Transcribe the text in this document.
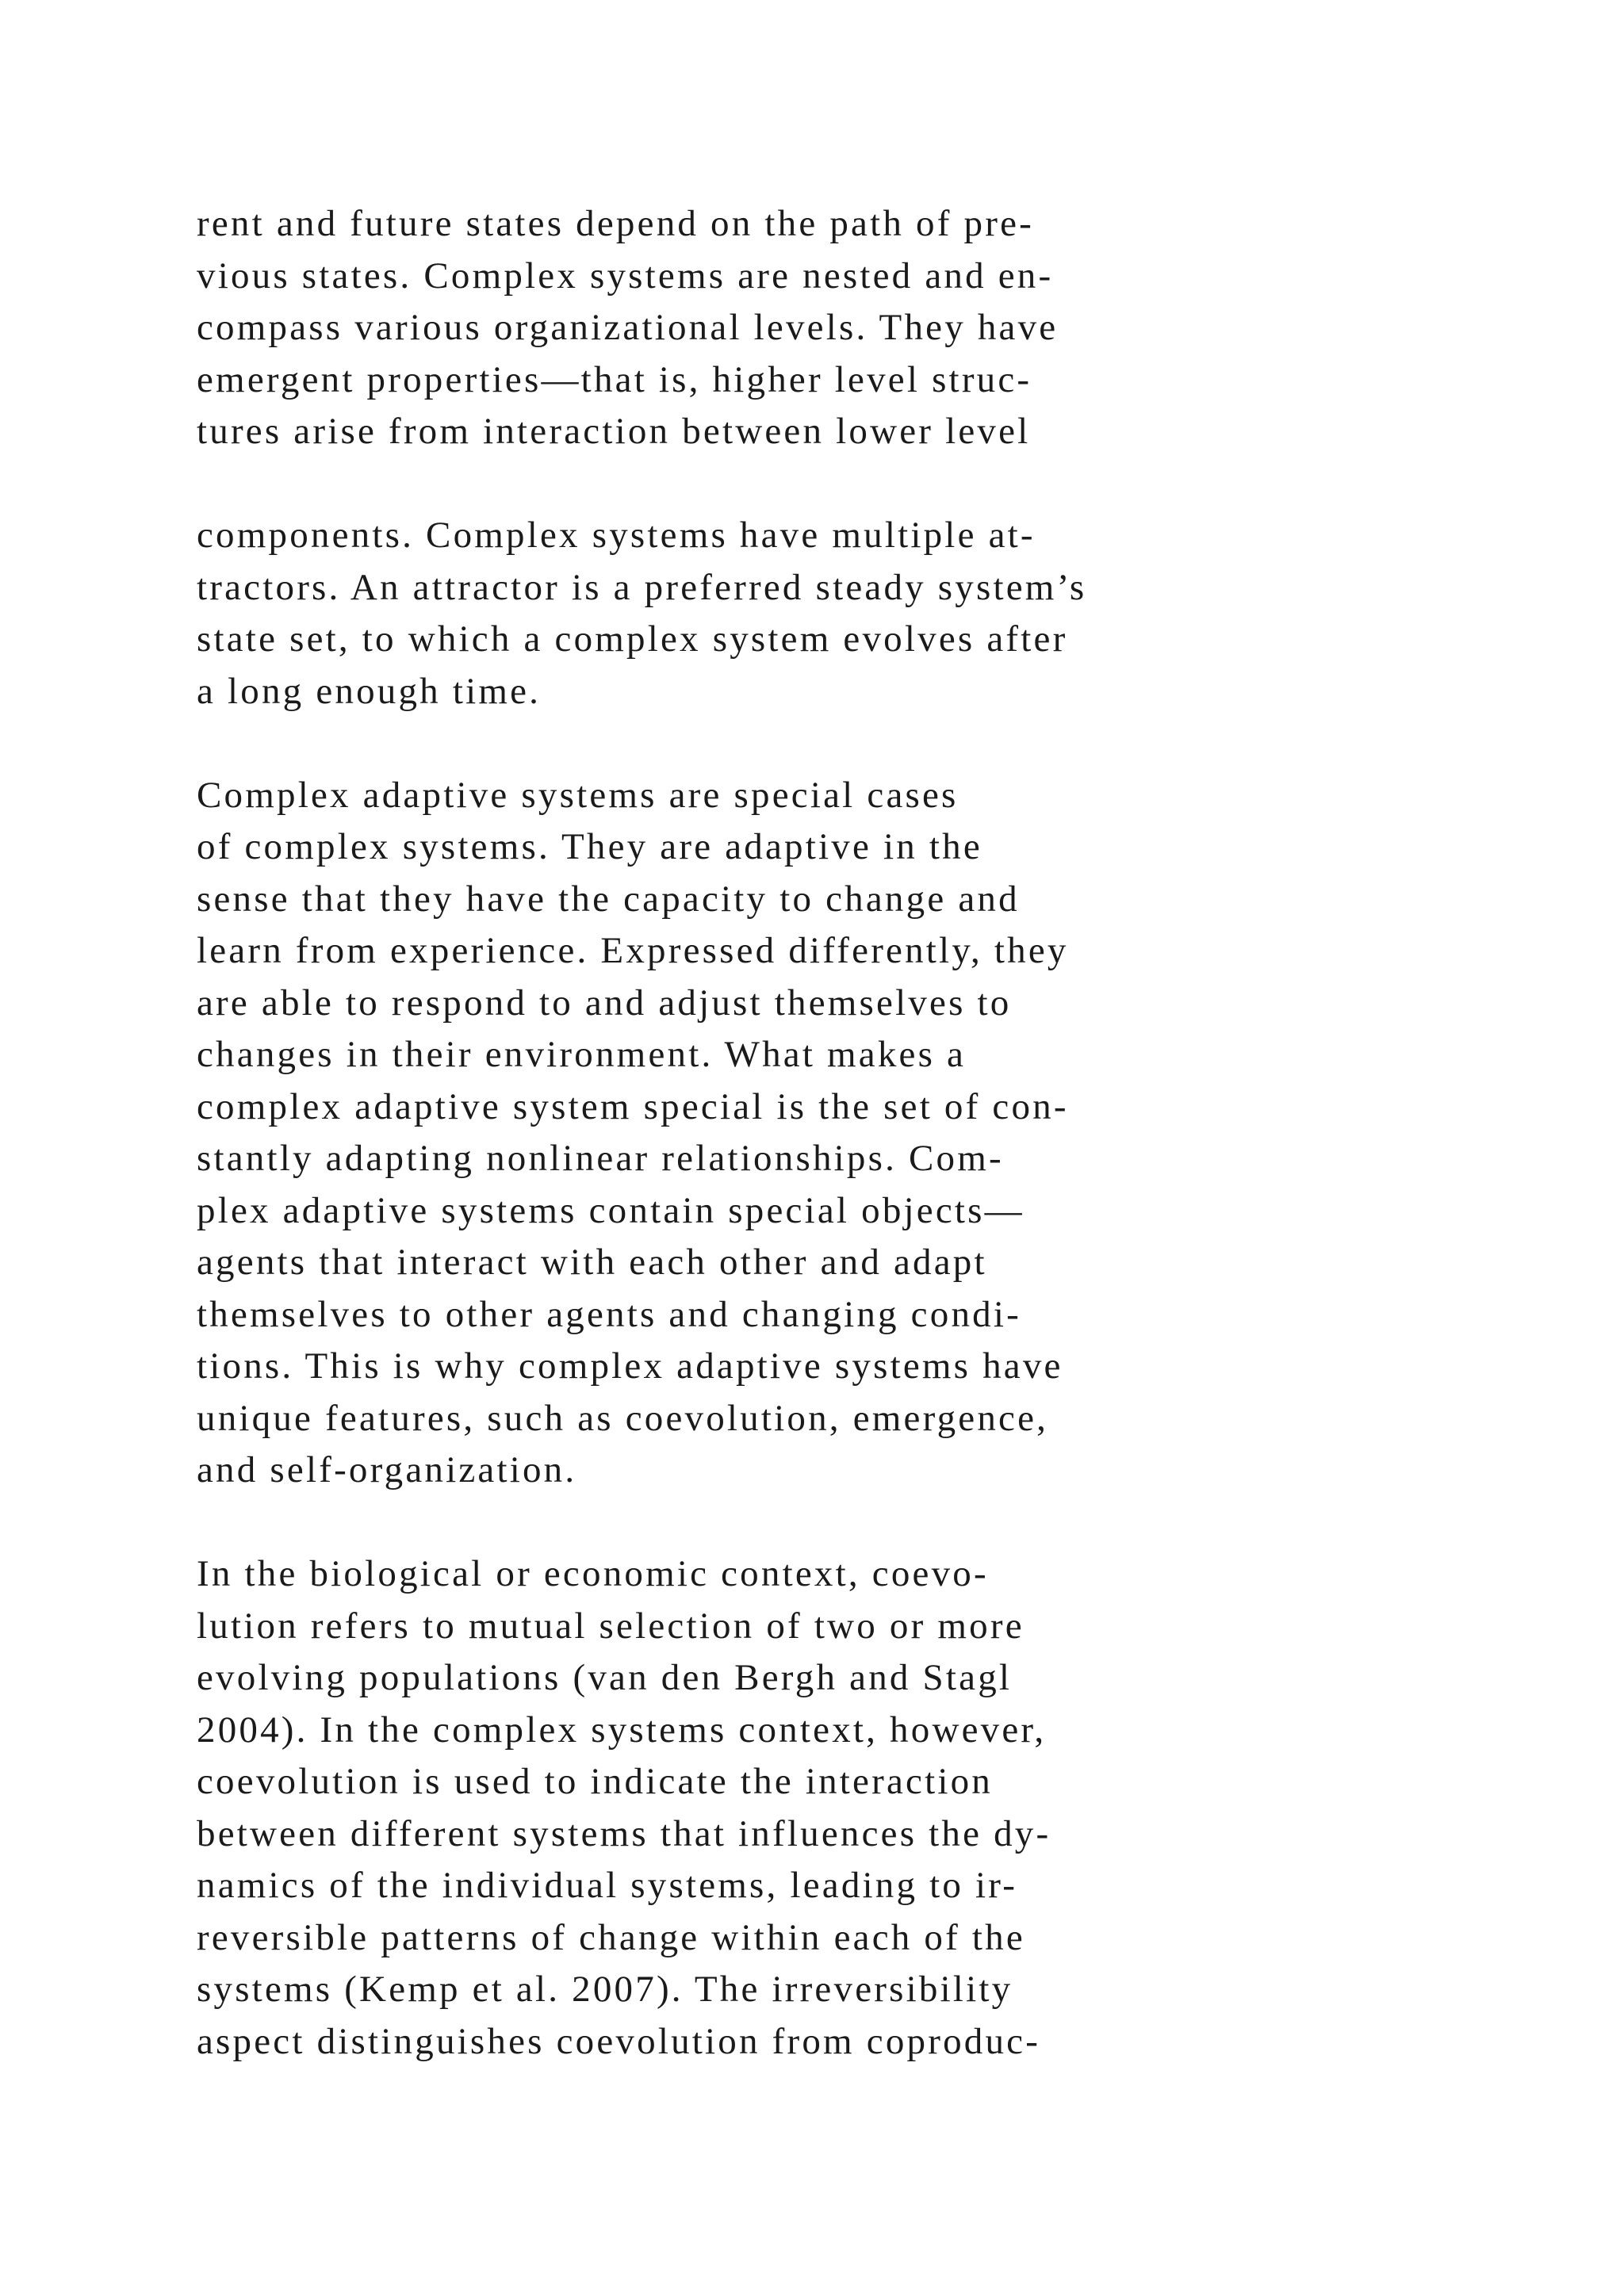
rent and future states depend on the path of pre-
vious states. Complex systems are nested and en-
compass various organizational levels. They have
emergent properties—that is, higher level struc-
tures arise from interaction between lower level

components. Complex systems have multiple at-
tractors. An attractor is a preferred steady system’s
state set, to which a complex system evolves after
a long enough time.

Complex adaptive systems are special cases
of complex systems. They are adaptive in the
sense that they have the capacity to change and
learn from experience. Expressed differently, they
are able to respond to and adjust themselves to
changes in their environment. What makes a
complex adaptive system special is the set of con-
stantly adapting nonlinear relationships. Com-
plex adaptive systems contain special objects—
agents that interact with each other and adapt
themselves to other agents and changing condi-
tions. This is why complex adaptive systems have
unique features, such as coevolution, emergence,
and self-organization.

In the biological or economic context, coevo-
lution refers to mutual selection of two or more
evolving populations (van den Bergh and Stagl
2004). In the complex systems context, however,
coevolution is used to indicate the interaction
between different systems that influences the dy-
namics of the individual systems, leading to ir-
reversible patterns of change within each of the
systems (Kemp et al. 2007). The irreversibility
aspect distinguishes coevolution from coproduc-
